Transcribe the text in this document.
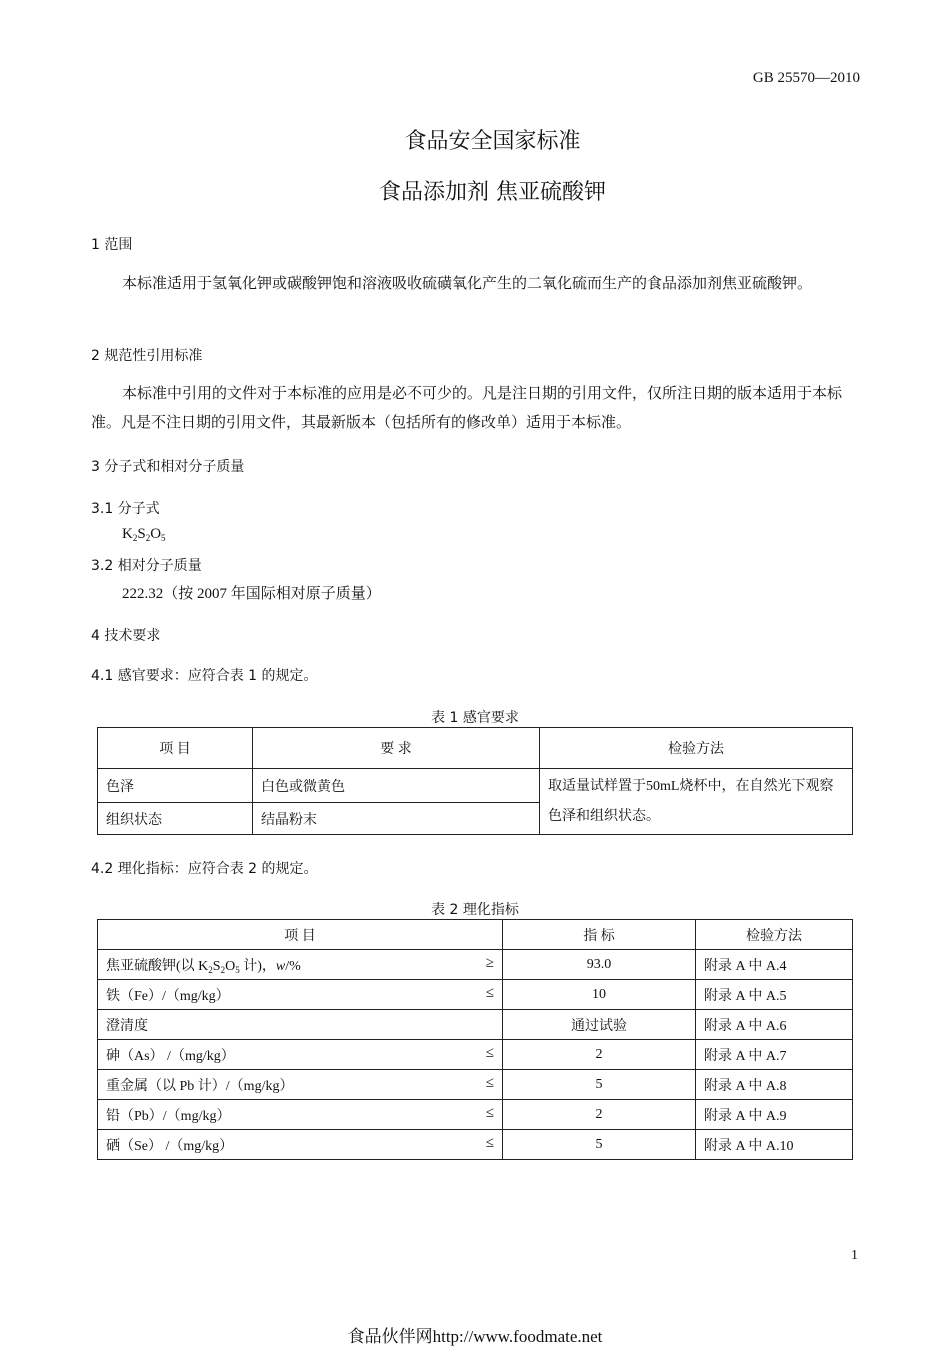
GB 25570—2010
食品安全国家标准
食品添加剂 焦亚硫酸钾
1 范围
本标准适用于氢氧化钾或碳酸钾饱和溶液吸收硫磺氧化产生的二氧化硫而生产的食品添加剂焦亚硫酸钾。
2 规范性引用标准
本标准中引用的文件对于本标准的应用是必不可少的。凡是注日期的引用文件，仅所注日期的版本适用于本标准。凡是不注日期的引用文件，其最新版本（包括所有的修改单）适用于本标准。
3 分子式和相对分子质量
3.1 分子式
$K_2S_2O_5$
3.2 相对分子质量
222.32（按 2007 年国际相对原子质量）
4 技术要求
4.1 感官要求：应符合表 1 的规定。
表 1 感官要求
项 目	要 求	检验方法
色泽	白色或微黄色	取适量试样置于50mL烧杯中，在自然光下观察色泽和组织状态。
组织状态	结晶粉末	
4.2 理化指标：应符合表 2 的规定。
表 2 理化指标
项 目	指 标	检验方法
焦亚硫酸钾(以 $K_2S_2O_5$ 计)，w/% ≥	93.0	附录 A 中 A.4
铁（Fe）/（mg/kg） ≤	10	附录 A 中 A.5
澄清度	通过试验	附录 A 中 A.6
砷（As） /（mg/kg） ≤	2	附录 A 中 A.7
重金属（以 Pb 计）/（mg/kg） ≤	5	附录 A 中 A.8
铅（Pb）/（mg/kg） ≤	2	附录 A 中 A.9
硒（Se） /（mg/kg） ≤	5	附录 A 中 A.10
1
食品伙伴网http://www.foodmate.net
